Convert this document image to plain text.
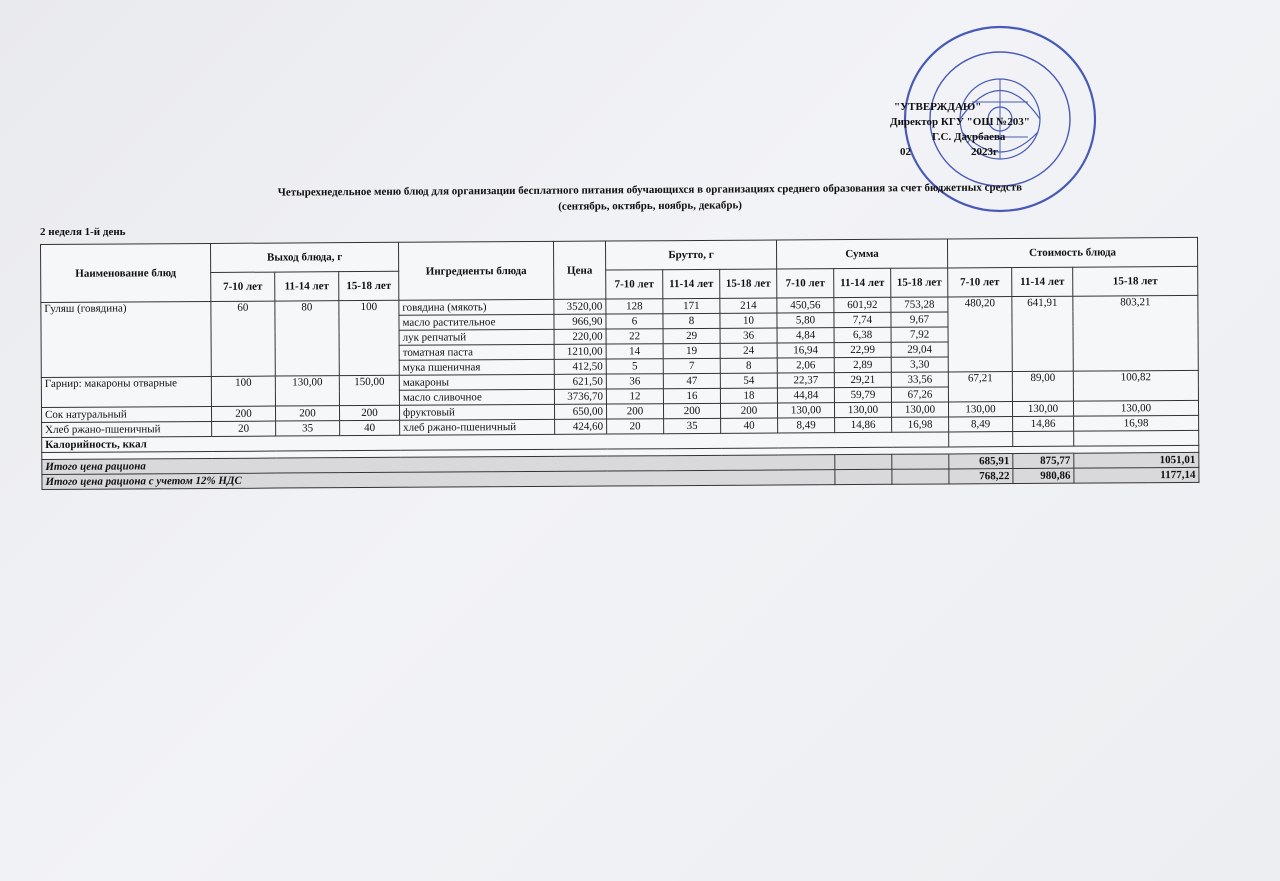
"УТВЕРЖДАЮ"
Директор КГУ "ОШ №203"
Г.С. Даурбаева
02	2023г
Четырехнедельное меню блюд для организации бесплатного питания обучающихся в организациях среднего образования за счет бюджетных средств
(сентябрь, октябрь, ноябрь, декабрь)
2 неделя 1-й день
Наименование блюд	Выход блюда, г			Ингредиенты блюда	Цена	Брутто, г			Сумма			Стоимость блюда		
	7-10 лет	11-14 лет	15-18 лет			7-10 лет	11-14 лет	15-18 лет	7-10 лет	11-14 лет	15-18 лет	7-10 лет	11-14 лет	15-18 лет
Гуляш (говядина)	60	80	100	говядина (мякоть)	3520,00	128	171	214	450,56	601,92	753,28	480,20	641,91	803,21
				масло растительное	966,90	6	8	10	5,80	7,74	9,67			
				лук репчатый	220,00	22	29	36	4,84	6,38	7,92			
				томатная паста	1210,00	14	19	24	16,94	22,99	29,04			
				мука пшеничная	412,50	5	7	8	2,06	2,89	3,30			
Гарнир: макароны отварные	100	130,00	150,00	макароны	621,50	36	47	54	22,37	29,21	33,56	67,21	89,00	100,82
				масло сливочное	3736,70	12	16	18	44,84	59,79	67,26			
Сок натуральный	200	200	200	фруктовый	650,00	200	200	200	130,00	130,00	130,00	130,00	130,00	130,00
Хлеб ржано-пшеничный	20	35	40	хлеб ржано-пшеничный	424,60	20	35	40	8,49	14,86	16,98	8,49	14,86	16,98
Калорийность, ккал														

Итого цена рациона												685,91	875,77	1051,01
Итого цена рациона с учетом 12% НДС												768,22	980,86	1177,14
